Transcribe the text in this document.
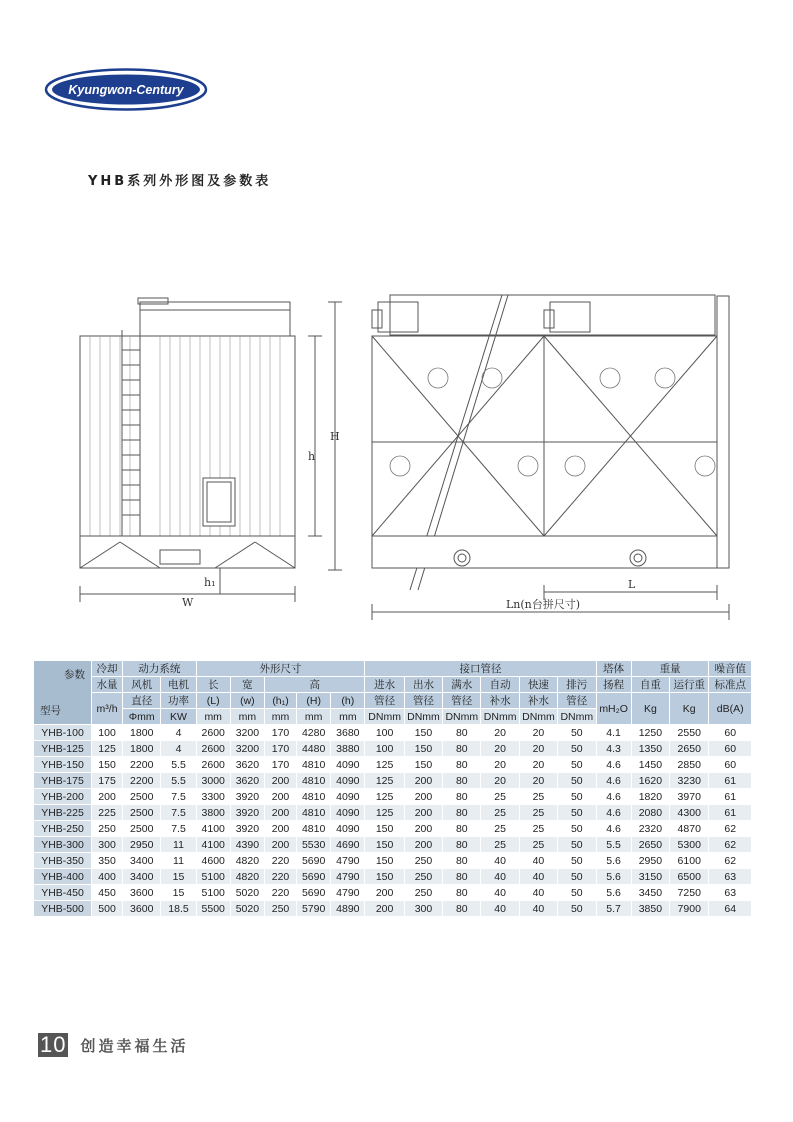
Kyungwon-Century
YHB系列外形图及参数表
H
h
h₁
W
L
Ln(n台拼尺寸)
参数
型号	冷却	动力系统		外形尺寸					接口管径						塔体	重量		噪音值
	水量	风机	电机	长	宽	高			进水	出水	满水	自动	快速	排污	扬程	自重	运行重	标准点
	m³/h	直径	功率	(L)	(w)	(h₁)	(H)	(h)	管径	管径	管径	补水	补水	管径	mH₂O	Kg	Kg	dB(A)
		Φmm	KW	mm	mm	mm	mm	mm	DNmm	DNmm	DNmm	DNmm	DNmm	DNmm				
YHB-100	100	1800	4	2600	3200	170	4280	3680	100	150	80	20	20	50	4.1	1250	2550	60
YHB-125	125	1800	4	2600	3200	170	4480	3880	100	150	80	20	20	50	4.3	1350	2650	60
YHB-150	150	2200	5.5	2600	3620	170	4810	4090	125	150	80	20	20	50	4.6	1450	2850	60
YHB-175	175	2200	5.5	3000	3620	200	4810	4090	125	200	80	20	20	50	4.6	1620	3230	61
YHB-200	200	2500	7.5	3300	3920	200	4810	4090	125	200	80	25	25	50	4.6	1820	3970	61
YHB-225	225	2500	7.5	3800	3920	200	4810	4090	125	200	80	25	25	50	4.6	2080	4300	61
YHB-250	250	2500	7.5	4100	3920	200	4810	4090	150	200	80	25	25	50	4.6	2320	4870	62
YHB-300	300	2950	11	4100	4390	200	5530	4690	150	200	80	25	25	50	5.5	2650	5300	62
YHB-350	350	3400	11	4600	4820	220	5690	4790	150	250	80	40	40	50	5.6	2950	6100	62
YHB-400	400	3400	15	5100	4820	220	5690	4790	150	250	80	40	40	50	5.6	3150	6500	63
YHB-450	450	3600	15	5100	5020	220	5690	4790	200	250	80	40	40	50	5.6	3450	7250	63
YHB-500	500	3600	18.5	5500	5020	250	5790	4890	200	300	80	40	40	50	5.7	3850	7900	64
10 创造幸福生活
